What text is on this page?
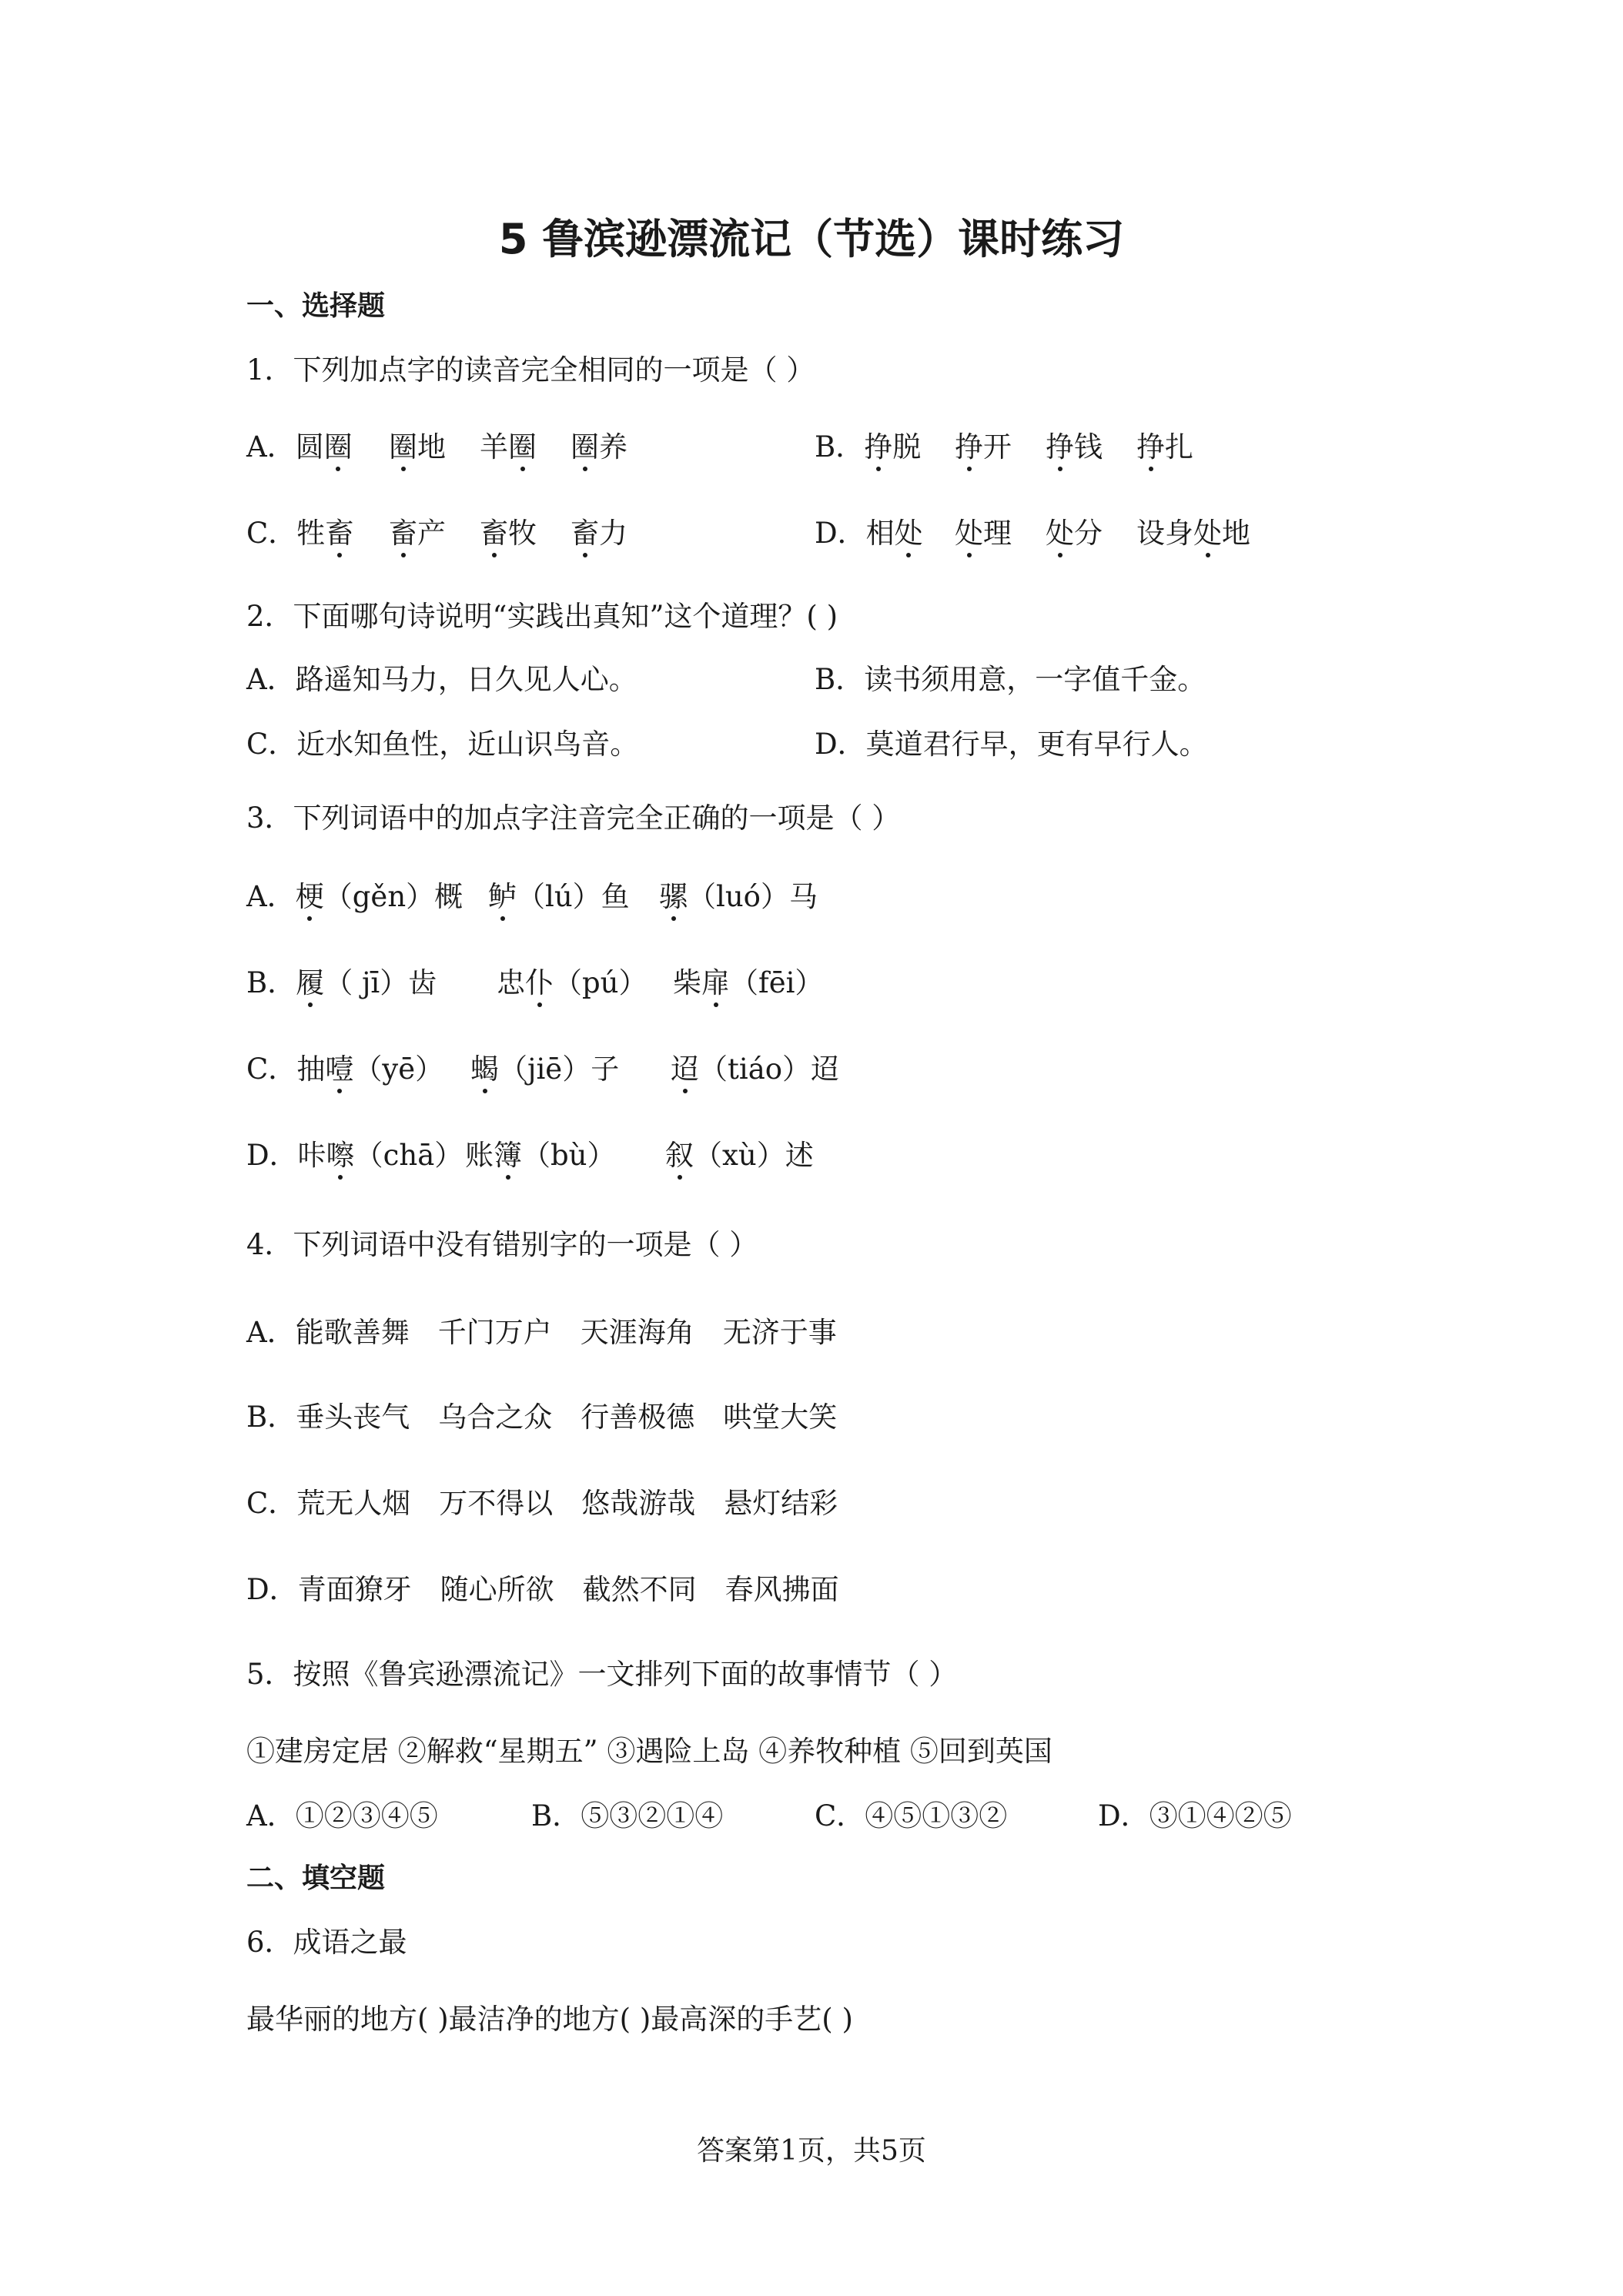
5 鲁滨逊漂流记（节选）课时练习
一、选择题
1．下列加点字的读音完全相同的一项是（ ）
A．圆圈 圈地 羊圈 圈养	B．挣脱 挣开 挣钱 挣扎
C．牲畜 畜产 畜牧 畜力	D．相处 处理 处分 设身处地
2．下面哪句诗说明“实践出真知”这个道理？( )
A．路遥知马力，日久见人心。	B．读书须用意，一字值千金。
C．近水知鱼性，近山识鸟音。	D．莫道君行早，更有早行人。
3．下列词语中的加点字注音完全正确的一项是（ ）
A．梗（gěn）概 鲈（lú）鱼 骡（luó）马
B．履（ jī）齿 忠仆（pú） 柴扉（fēi）
C．抽噎（yē） 蝎（jiē）子 迢（tiáo）迢
D．咔嚓（chā） 账簿（bù） 叙（xù）述
4．下列词语中没有错别字的一项是（ ）
A．能歌善舞　千门万户　天涯海角　无济于事
B．垂头丧气　乌合之众　行善极德　哄堂大笑
C．荒无人烟　万不得以　悠哉游哉　悬灯结彩
D．青面獠牙　随心所欲　截然不同　春风拂面
5．按照《鲁宾逊漂流记》一文排列下面的故事情节（ ）
①建房定居 ②解救“星期五” ③遇险上岛 ④养牧种植 ⑤回到英国
A．①②③④⑤	B．⑤③②①④	C．④⑤①③②	D．③①④②⑤
二、填空题
6．成语之最
最华丽的地方( )最洁净的地方( )最高深的手艺( )
答案第1页，共5页
